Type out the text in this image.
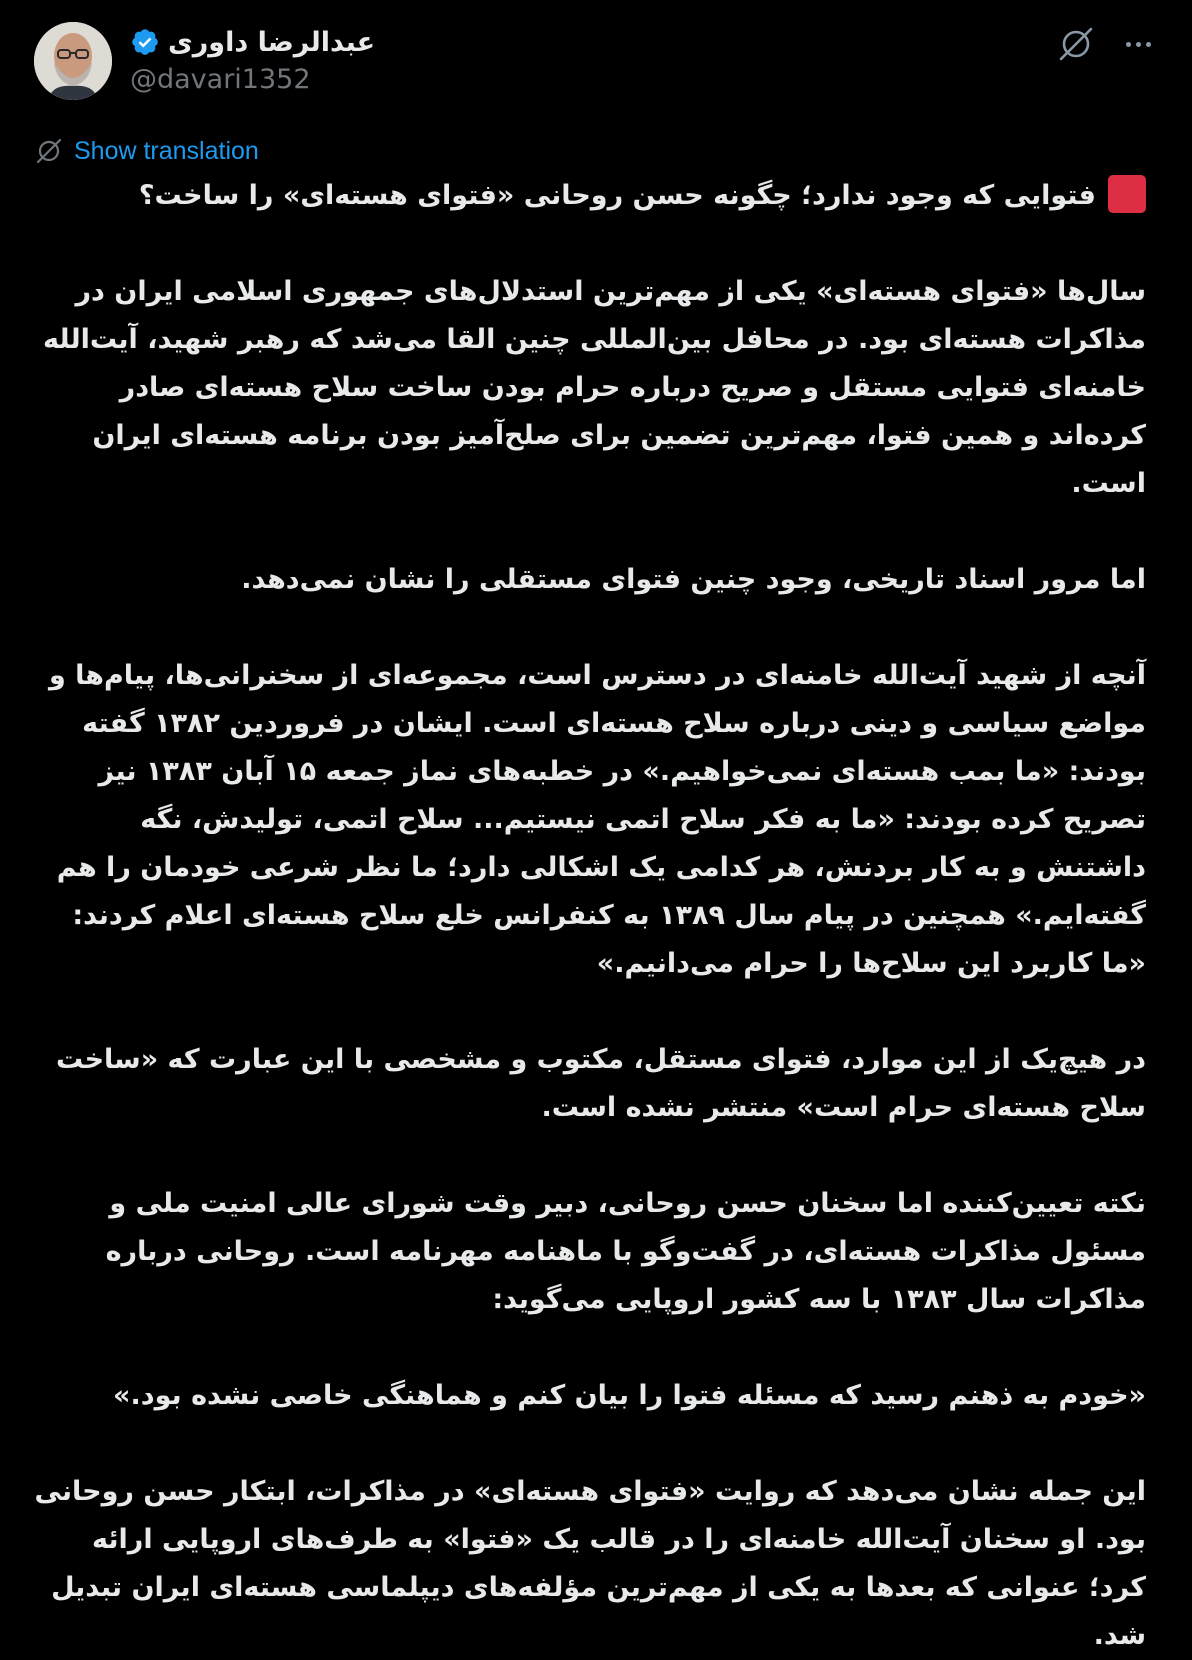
عبدالرضا داوری
@davari1352
Show translation
فتوایی که وجود ندارد؛ چگونه حسن روحانی «فتوای هسته‌ای» را ساخت؟

سال‌ها «فتوای هسته‌ای» یکی از مهم‌ترین استدلال‌های جمهوری اسلامی ایران در مذاکرات هسته‌ای بود. در محافل بین‌المللی چنین القا می‌شد که رهبر شهید، آیت‌الله خامنه‌ای فتوایی مستقل و صریح درباره حرام بودن ساخت سلاح هسته‌ای صادر کرده‌اند و همین فتوا، مهم‌ترین تضمین برای صلح‌آمیز بودن برنامه هسته‌ای ایران است.

اما مرور اسناد تاریخی، وجود چنین فتوای مستقلی را نشان نمی‌دهد.

آنچه از شهید آیت‌الله خامنه‌ای در دسترس است، مجموعه‌ای از سخنرانی‌ها، پیام‌ها و مواضع سیاسی و دینی درباره سلاح هسته‌ای است. ایشان در فروردین ۱۳۸۲ گفته بودند: «ما بمب هسته‌ای نمی‌خواهیم.» در خطبه‌های نماز جمعه ۱۵ آبان ۱۳۸۳ نیز تصریح کرده بودند: «ما به فکر سلاح اتمی نیستیم... سلاح اتمی، تولیدش، نگه داشتنش و به کار بردنش، هر کدامی یک اشکالی دارد؛ ما نظر شرعی خودمان را هم گفته‌ایم.» همچنین در پیام سال ۱۳۸۹ به کنفرانس خلع سلاح هسته‌ای اعلام کردند: «ما کاربرد این سلاح‌ها را حرام می‌دانیم.»

در هیچ‌یک از این موارد، فتوای مستقل، مکتوب و مشخصی با این عبارت که «ساخت سلاح هسته‌ای حرام است» منتشر نشده است.

نکته تعیین‌کننده اما سخنان حسن روحانی، دبیر وقت شورای عالی امنیت ملی و مسئول مذاکرات هسته‌ای، در گفت‌وگو با ماهنامه مهرنامه است. روحانی درباره مذاکرات سال ۱۳۸۳ با سه کشور اروپایی می‌گوید:

«خودم به ذهنم رسید که مسئله فتوا را بیان کنم و هماهنگی خاصی نشده بود.»

این جمله نشان می‌دهد که روایت «فتوای هسته‌ای» در مذاکرات، ابتکار حسن روحانی بود. او سخنان آیت‌الله خامنه‌ای را در قالب یک «فتوا» به طرف‌های اروپایی ارائه کرد؛ عنوانی که بعدها به یکی از مهم‌ترین مؤلفه‌های دیپلماسی هسته‌ای ایران تبدیل شد.
